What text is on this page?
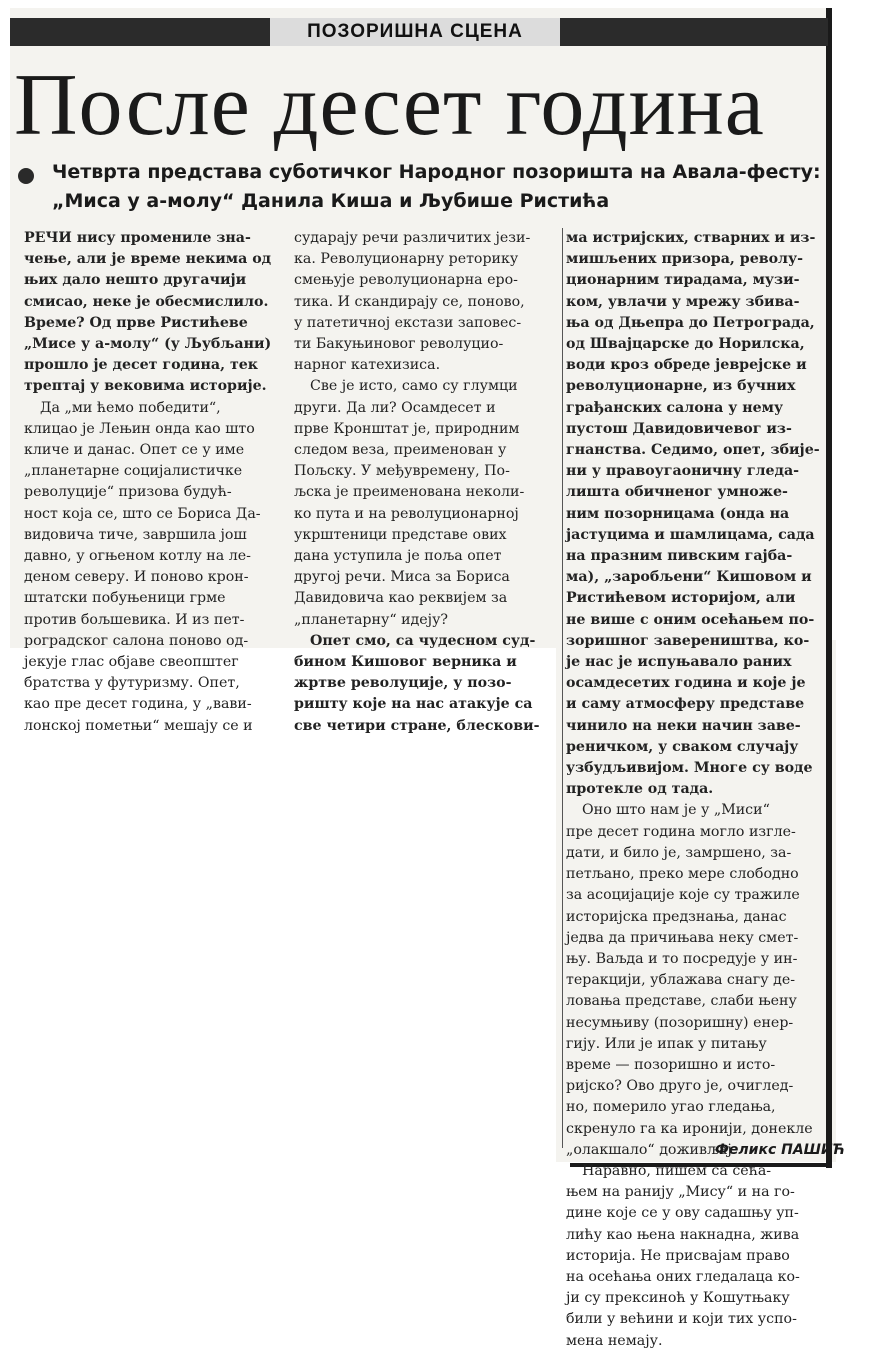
ПОЗОРИШНА СЦЕНА
После десет година
Четврта представа суботичког Народног позоришта на Авала-фесту:
„Миса у а-молу“ Данила Киша и Љубише Ристића
РЕЧИ нису промениле зна-
чење, али је време некима од
њих дало нешто другачији
смисао, неке је обесмислило.
Време? Од прве Ристићеве
„Мисе у а-молу“ (у Љубљани)
прошло је десет година, тек
трептај у вековима историје.
Да „ми ћемо победити“,
клицао је Лењин онда као што
кличе и данас. Опет се у име
„планетарне социјалистичке
револуције“ призова будућ-
ност која се, што се Бориса Да-
видовича тиче, завршила још
давно, у огњеном котлу на ле-
деном северу. И поново крон-
штатски побуњеници грме
против бољшевика. И из пет-
роградског салона поново од-
јекује глас објаве свеопштег
братства у футуризму. Опет,
као пре десет година, у „вави-
лонској пометњи“ мешају се и
сударају речи различитих јези-
ка. Револуционарну реторику
смењује револуционарна еро-
тика. И скандирају се, поново,
у патетичној екстази заповес-
ти Бакуњиновог револуцио-
нарног катехизиса.
Све је исто, само су глумци
други. Да ли? Осамдесет и
прве Кронштат је, природним
следом веза, преименован у
Пољску. У међувремену, По-
љска је преименована неколи-
ко пута и на револуционарној
укрштеници представе ових
дана уступила је поља опет
другој речи. Миса за Бориса
Давидовича као реквијем за
„планетарну“ идеју?
Опет смо, са чудесном суд-
бином Кишовог верника и
жртве револуције, у позо-
ришту које на нас атакује са
све четири стране, блескови-
ма истријских, стварних и из-
мишљених призора, револу-
ционарним тирадама, музи-
ком, увлачи у мрежу збива-
ња од Дњепра до Петрограда,
од Швајцарске до Норилска,
води кроз обреде јеврејске и
револуционарне, из бучних
грађанских салона у нему
пустош Давидовичевог из-
гнанства. Седимо, опет, збије-
ни у правоугаоничну гледа-
лишта обичненог умножe-
ним позорницама (онда на
јастуцима и шамлицама, сада
на празним пивским гајба-
ма), „заробљени“ Кишовом и
Ристићевом историјом, али
не више с оним осећањем по-
зоришног завереништва, ко-
је нас је испуњавало раних
осамдесетих година и које је
и саму атмосферу представе
чинило на неки начин заве-
реничком, у сваком случају
узбудљивијом. Многе су воде
протекле од тада.
Оно што нам је у „Миси“
пре десет година могло изгле-
дати, и било је, замршено, за-
петљано, преко мере слободно
за асоцијације које су тражиле
историјска предзнања, данас
једва да причињава неку смет-
њу. Ваљда и то посредује у ин-
теракцији, ублажава снагу де-
ловања представе, слаби њену
несумњиву (позоришну) енер-
гију. Или је ипак у питању
време — позоришно и исто-
ријско? Ово друго је, очиглед-
но, померило угао гледања,
скренуло га ка иронији, донекле
„олакшало“ доживљај.
Наравно, пишем са сећа-
њем на ранију „Мису“ и на го-
дине које се у ову садашњу уп-
лићу као њена накнадна, жива
историја. Не присвајам право
на осећања оних гледалаца ко-
ји су прексиноћ у Кошутњаку
били у већини и који тих успо-
мена немају.
Феликс ПАШИЋ
